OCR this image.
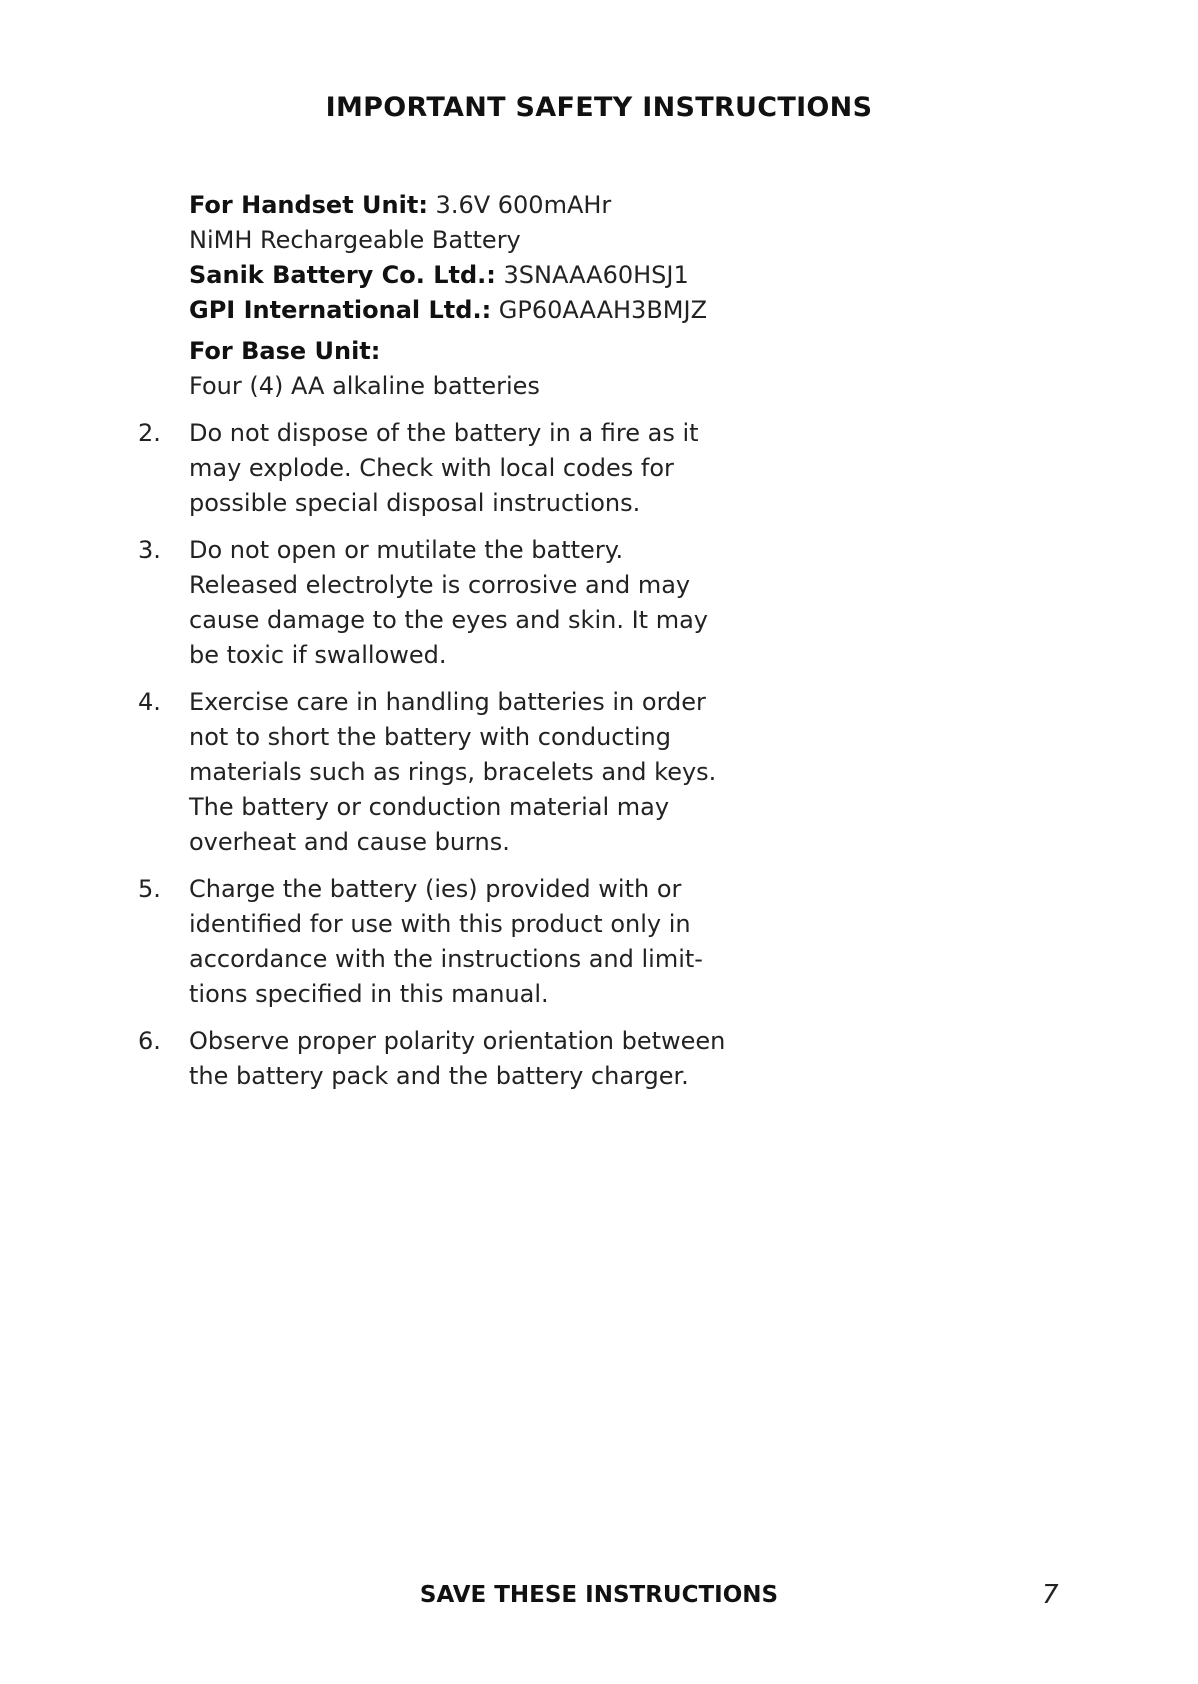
IMPORTANT SAFETY INSTRUCTIONS
For Handset Unit: 3.6V 600mAHr
NiMH Rechargeable Battery
Sanik Battery Co. Ltd.: 3SNAAA60HSJ1
GPI International Ltd.: GP60AAAH3BMJZ
For Base Unit:
Four (4) AA alkaline batteries
2. Do not dispose of the battery in a fire as it
may explode. Check with local codes for
possible special disposal instructions.
3. Do not open or mutilate the battery.
Released electrolyte is corrosive and may
cause damage to the eyes and skin. It may
be toxic if swallowed.
4. Exercise care in handling batteries in order
not to short the battery with conducting
materials such as rings, bracelets and keys.
The battery or conduction material may
overheat and cause burns.
5. Charge the battery (ies) provided with or
identified for use with this product only in
accordance with the instructions and limit-
tions specified in this manual.
6. Observe proper polarity orientation between
the battery pack and the battery charger.
SAVE THESE INSTRUCTIONS	7
